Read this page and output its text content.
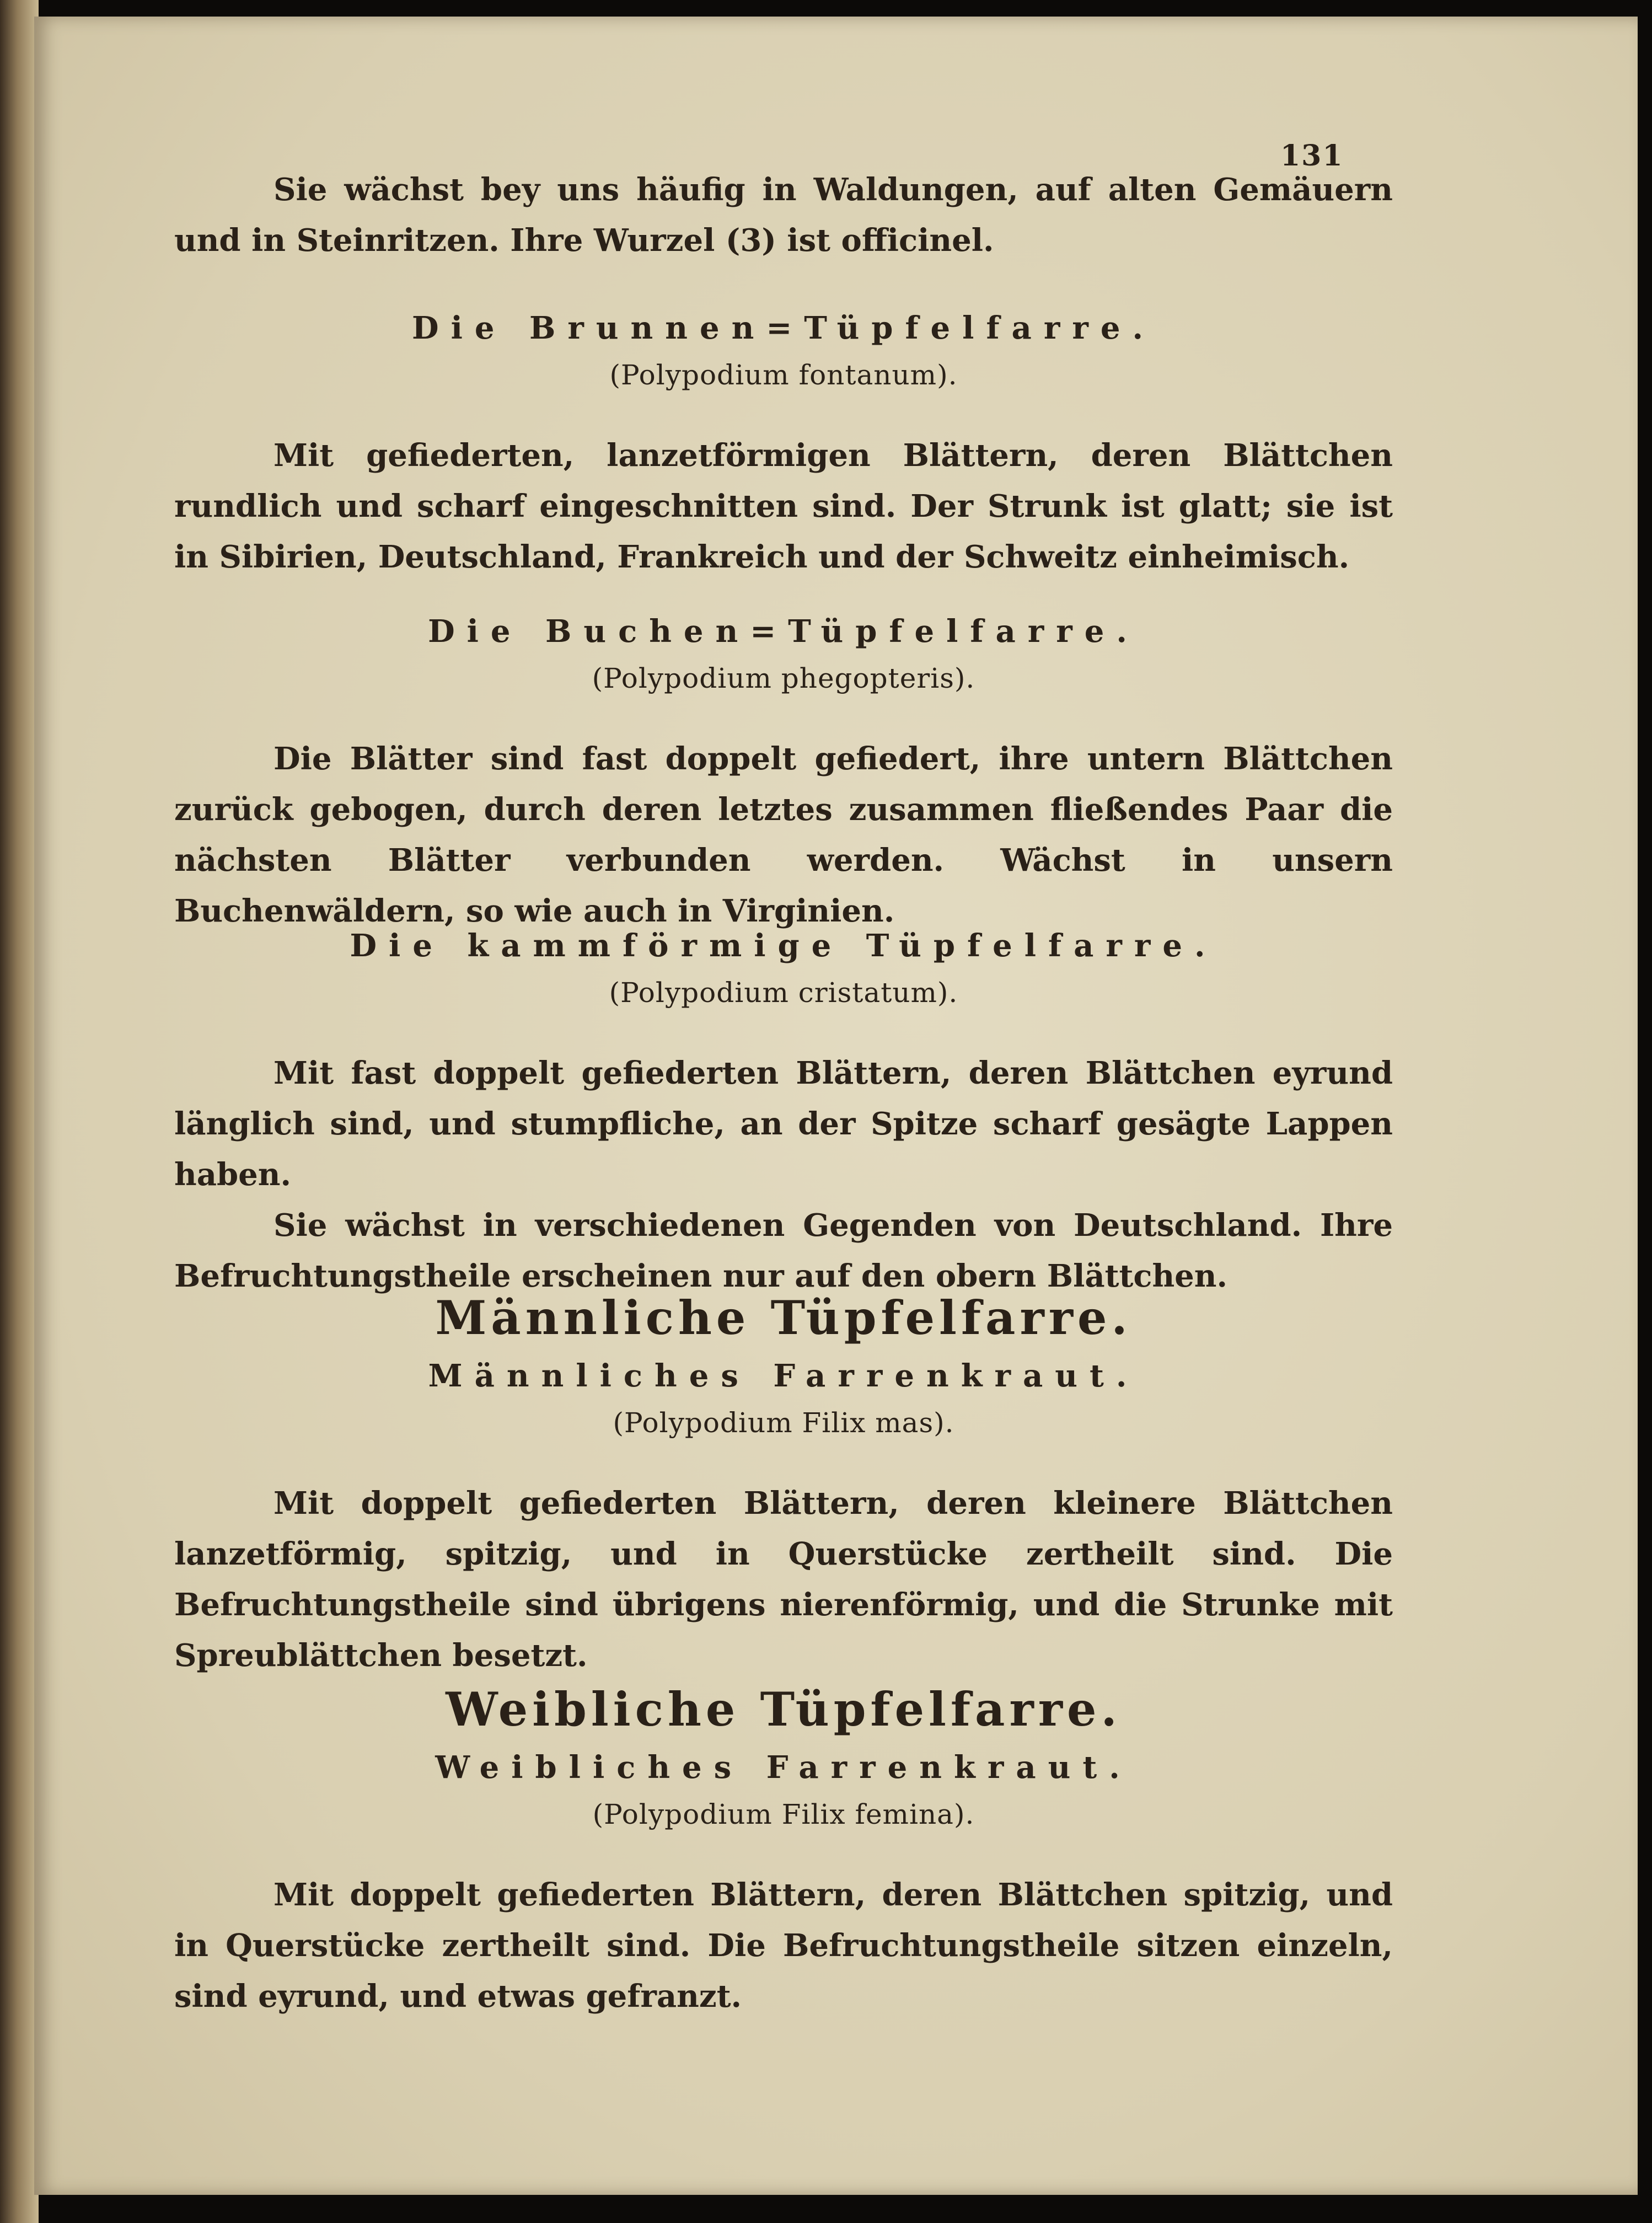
131

Sie wächst bey uns häufig in Waldungen, auf alten Gemäuern und in Steinritzen. Ihre Wurzel (3) ist officinel.

Die Brunnen=Tüpfelfarre.

(Polypodium fontanum).

Mit gefiederten, lanzetförmigen Blättern, deren Blättchen rundlich und scharf eingeschnitten sind. Der Strunk ist glatt; sie ist in Sibirien, Deutschland, Frankreich und der Schweitz einheimisch.

Die Buchen=Tüpfelfarre.

(Polypodium phegopteris).

Die Blätter sind fast doppelt gefiedert, ihre untern Blättchen zurück gebogen, durch deren letztes zusammen fließendes Paar die nächsten Blätter verbunden werden. Wächst in unsern Buchenwäldern, so wie auch in Virginien.

Die kammförmige Tüpfelfarre.

(Polypodium cristatum).

Mit fast doppelt gefiederten Blättern, deren Blättchen eyrund länglich sind, und stumpfliche, an der Spitze scharf gesägte Lappen haben.

Sie wächst in verschiedenen Gegenden von Deutschland. Ihre Befruchtungstheile erscheinen nur auf den obern Blättchen.

Männliche Tüpfelfarre.

Männliches Farrenkraut.

(Polypodium Filix mas).

Mit doppelt gefiederten Blättern, deren kleinere Blättchen lanzetförmig, spitzig, und in Querstücke zertheilt sind. Die Befruchtungstheile sind übrigens nierenförmig, und die Strunke mit Spreublättchen besetzt.

Weibliche Tüpfelfarre.

Weibliches Farrenkraut.

(Polypodium Filix femina).

Mit doppelt gefiederten Blättern, deren Blättchen spitzig, und in Querstücke zertheilt sind. Die Befruchtungstheile sitzen einzeln, sind eyrund, und etwas gefranzt.
